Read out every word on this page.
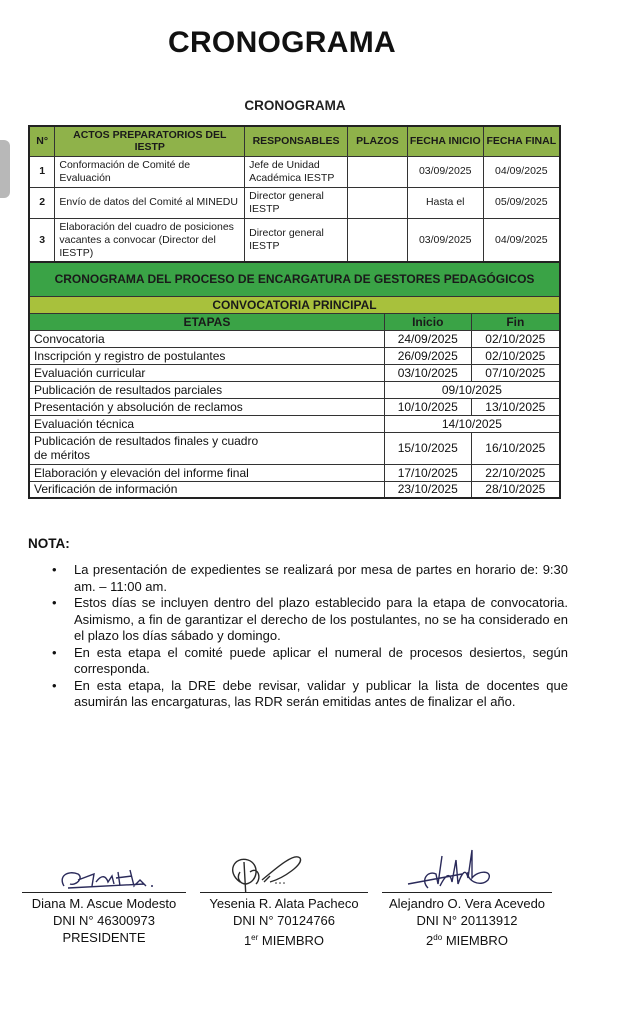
CRONOGRAMA
CRONOGRAMA
N°	ACTOS PREPARATORIOS DEL IESTP	RESPONSABLES	PLAZOS	FECHA INICIO	FECHA FINAL
1	Conformación de Comité de Evaluación	Jefe de Unidad Académica IESTP		03/09/2025	04/09/2025
2	Envío de datos del Comité al MINEDU	Director general IESTP		Hasta el	05/09/2025
3	Elaboración del cuadro de posiciones vacantes a convocar (Director del IESTP)	Director general IESTP		03/09/2025	04/09/2025
CRONOGRAMA DEL PROCESO DE ENCARGATURA DE GESTORES PEDAGÓGICOS		
CONVOCATORIA PRINCIPAL		
ETAPAS	Inicio	Fin
Convocatoria	24/09/2025	02/10/2025
Inscripción y registro de postulantes	26/09/2025	02/10/2025
Evaluación curricular	03/10/2025	07/10/2025
Publicación de resultados parciales	09/10/2025	
Presentación y absolución de reclamos	10/10/2025	13/10/2025
Evaluación técnica	14/10/2025	
Publicación de resultados finales y cuadro de méritos	15/10/2025	16/10/2025
Elaboración y elevación del informe final	17/10/2025	22/10/2025
Verificación de información	23/10/2025	28/10/2025
NOTA:
• La presentación de expedientes se realizará por mesa de partes en horario de: 9:30 am. – 11:00 am.
• Estos días se incluyen dentro del plazo establecido para la etapa de convocatoria. Asimismo, a fin de garantizar el derecho de los postulantes, no se ha considerado en el plazo los días sábado y domingo.
• En esta etapa el comité puede aplicar el numeral de procesos desiertos, según corresponda.
• En esta etapa, la DRE debe revisar, validar y publicar la lista de docentes que asumirán las encargaturas, las RDR serán emitidas antes de finalizar el año.
Diana M. Ascue Modesto
DNI N° 46300973
PRESIDENTE
Yesenia R. Alata Pacheco
DNI N° 70124766
1er MIEMBRO
Alejandro O. Vera Acevedo
DNI N° 20113912
$2^{do}$ MIEMBRO
